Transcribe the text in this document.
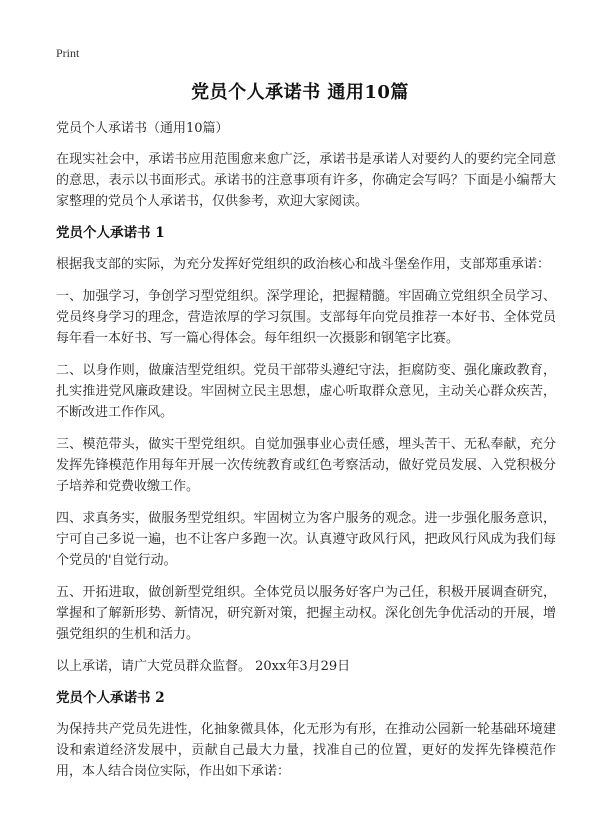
Print
党员个人承诺书 通用10篇

党员个人承诺书（通用10篇）

在现实社会中，承诺书应用范围愈来愈广泛，承诺书是承诺人对要约人的要约完全同意的意思，表示以书面形式。承诺书的注意事项有许多，你确定会写吗？下面是小编帮大家整理的党员个人承诺书，仅供参考，欢迎大家阅读。

党员个人承诺书 1

根据我支部的实际，为充分发挥好党组织的政治核心和战斗堡垒作用，支部郑重承诺：

一、加强学习，争创学习型党组织。深学理论，把握精髓。牢固确立党组织全员学习、党员终身学习的理念，营造浓厚的学习氛围。支部每年向党员推荐一本好书、全体党员每年看一本好书、写一篇心得体会。每年组织一次摄影和钢笔字比赛。

二、以身作则，做廉洁型党组织。党员干部带头遵纪守法，拒腐防变、强化廉政教育，扎实推进党风廉政建设。牢固树立民主思想，虚心听取群众意见，主动关心群众疾苦，不断改进工作作风。

三、模范带头，做实干型党组织。自觉加强事业心责任感，埋头苦干、无私奉献，充分发挥先锋模范作用每年开展一次传统教育或红色考察活动，做好党员发展、入党积极分子培养和党费收缴工作。

四、求真务实，做服务型党组织。牢固树立为客户服务的观念。进一步强化服务意识，宁可自己多说一遍，也不让客户多跑一次。认真遵守政风行风，把政风行风成为我们每个党员的'自觉行动。

五、开拓进取，做创新型党组织。全体党员以服务好客户为己任，积极开展调查研究，掌握和了解新形势、新情况，研究新对策，把握主动权。深化创先争优活动的开展，增强党组织的生机和活力。

以上承诺，请广大党员群众监督。 20xx年3月29日

党员个人承诺书 2

为保持共产党员先进性，化抽象微具体，化无形为有形，在推动公园新一轮基础环境建设和索道经济发展中，贡献自己最大力量，找准自己的位置，更好的发挥先锋模范作用，本人结合岗位实际，作出如下承诺：
